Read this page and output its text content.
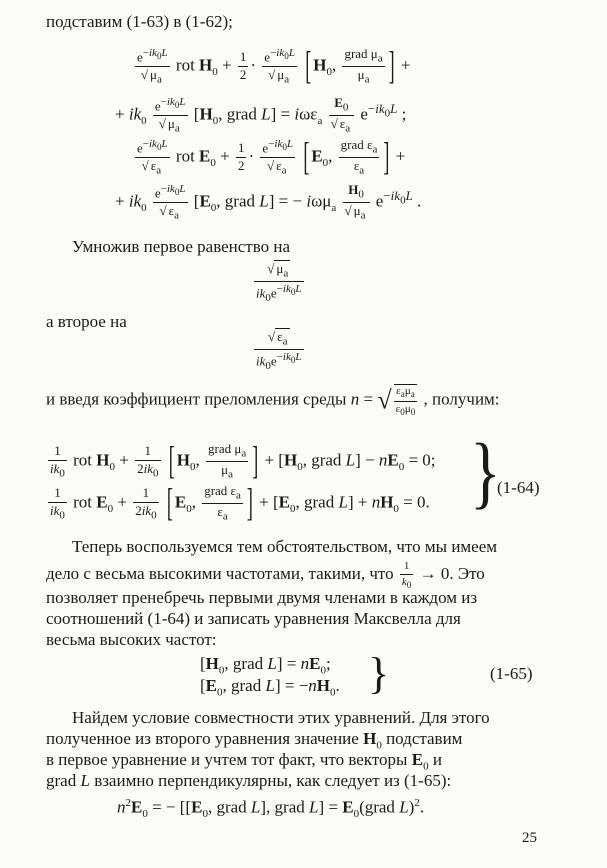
подставим (1-63) в (1-62);
$\frac{e^{-ik_0L}}{√ \mu_a}$ rot $H_0 + \frac{1}{2} \cdot \frac{e^{-ik_0L}}{√ \mu_a}$ [ $H_0$, $\frac{grad \mu_a}{\mu_a}$ ] +
+ $ik_0 \frac{e^{-ik_0L}}{√ \mu_a} [H_0$, grad $L] = i\omega\varepsilon_a \frac{E_0}{√ \varepsilon_a} e^{-ik_0L}$ ;
$\frac{e^{-ik_0L}}{√ \varepsilon_a}$ rot $E_0 + \frac{1}{2} \cdot \frac{e^{-ik_0L}}{√ \varepsilon_a}$ [ $E_0$, $\frac{grad \varepsilon_a}{\varepsilon_a}$ ] +
+ $ik_0 \frac{e^{-ik_0L}}{√ \varepsilon_a} [E_0$, grad L] = − $i\omega\mu_a \frac{H_0}{√ \mu_a} e^{-ik_0L}$ .
Умножив первое равенство на
$\frac{√ \mu_a}{ik_0e^{-ik_0L}}$
а второе на
$\frac{√ \varepsilon_a}{ik_0e^{-ik_0L}}$
и введя коэффициент преломления среды n = √ $\frac{\varepsilon_a\mu_a}{\varepsilon_0\mu_0}$ , получим:
$\frac{1}{ik_0}$ rot $H_0 + \frac{1}{2ik_0}$ [ $H_0$, $\frac{grad \mu_a}{\mu_a}$ ] + [$H_0$, grad $L] - nE_0 = 0$;
$\frac{1}{ik_0}$ rot $E_0 + \frac{1}{2ik_0}$ [ $E_0$, $\frac{grad \varepsilon_a}{\varepsilon_a}$ ] + [$E_0$, grad $L] + nH_0 = 0$. }
(1-64)
Теперь воспользуемся тем обстоятельством, что мы имеем
дело с весьма высокими частотами, такими, что $\frac{1}{k_0} \to 0$. Это
позволяет пренебречь первыми двумя членами в каждом из
соотношений (1-64) и записать уравнения Максвелла для
весьма высоких частот:
[$H_0$, grad $L] = nE_0$;
[$E_0$, grad $L] = -nH_0$. }	(1-65)
Найдем условие совместности этих уравнений. Для этого
полученное из второго уравнения значение $H_0$ подставим
в первое уравнение и учтем тот факт, что векторы $E_0$ и
grad L взаимно перпендикулярны, как следует из (1-65):
$n^2E_0$ = − [[$E_0$, grad L], grad $L] = E_0(grad$ L)$^2$.
25
